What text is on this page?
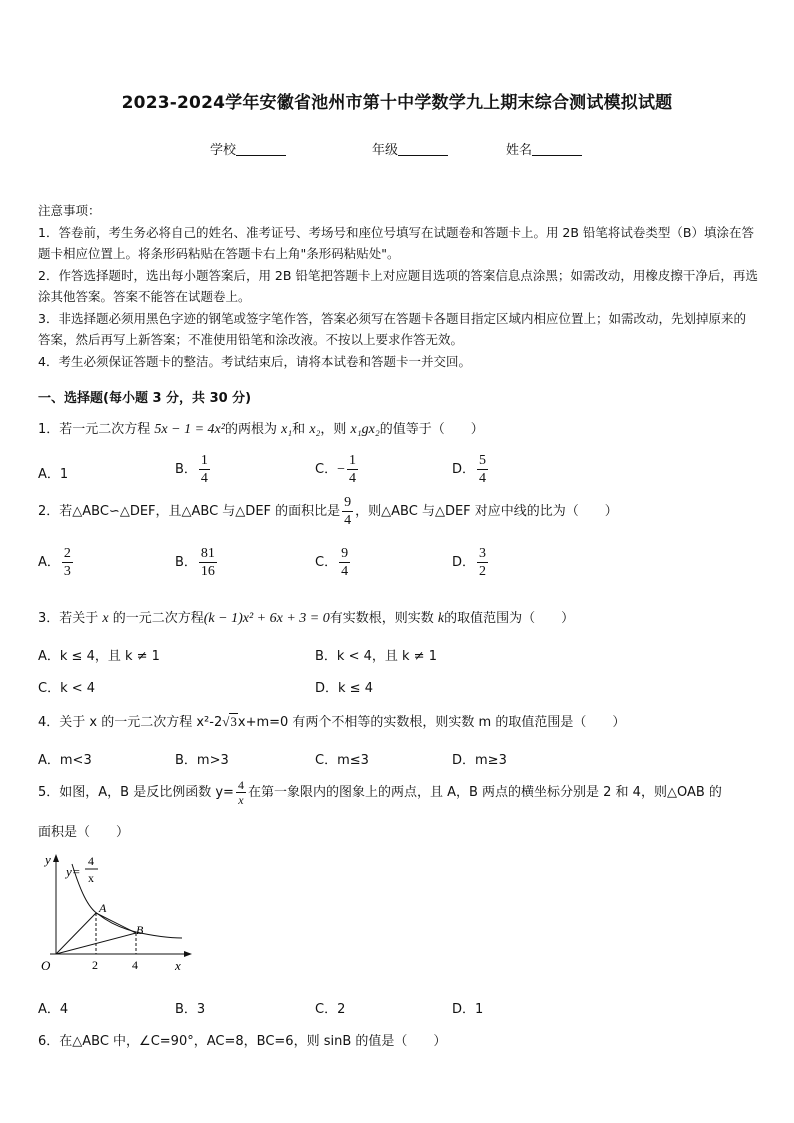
2023-2024学年安徽省池州市第十中学数学九上期末综合测试模拟试题
学校	年级	姓名
注意事项：
1．答卷前，考生务必将自己的姓名、准考证号、考场号和座位号填写在试题卷和答题卡上。用 2B 铅笔将试卷类型（B）填涂在答题卡相应位置上。将条形码粘贴在答题卡右上角"条形码粘贴处"。
2．作答选择题时，选出每小题答案后，用 2B 铅笔把答题卡上对应题目选项的答案信息点涂黑；如需改动，用橡皮擦干净后，再选涂其他答案。答案不能答在试题卷上。
3．非选择题必须用黑色字迹的钢笔或签字笔作答，答案必须写在答题卡各题目指定区域内相应位置上；如需改动，先划掉原来的答案，然后再写上新答案；不准使用铅笔和涂改液。不按以上要求作答无效。
4．考生必须保证答题卡的整洁。考试结束后，请将本试卷和答题卡一并交回。
一、选择题(每小题 3 分，共 30 分)
1．若一元二次方程 5x − 1 = 4x²的两根为 x₁和 x₂，则 x₁gx₂的值等于（　　）
A．1	B． $\frac{1}{4}$	C．− $\frac{1}{4}$	D． $\frac{5}{4}$
2．若△ABC∽△DEF，且△ABC 与△DEF 的面积比是 $\frac{9}{4}$ ，则△ABC 与△DEF 对应中线的比为（　　）
A． $\frac{2}{3}$	B． $\frac{81}{16}$	C． $\frac{9}{4}$	D． $\frac{3}{2}$
3．若关于 x 的一元二次方程(k − 1)x² + 6x + 3 = 0有实数根，则实数 k的取值范围为（　　）
A．k ≤ 4，且 k ≠ 1	B．k < 4，且 k ≠ 1
C．k < 4	D．k ≤ 4
4．关于 x 的一元二次方程 x²-2√3x+m=0 有两个不相等的实数根，则实数 m 的取值范围是（　　）
A．m<3	B．m>3	C．m≤3	D．m≥3
5．如图，A，B 是反比例函数 $y= \frac{4}{x}$ 在第一象限内的图象上的两点，且 A，B 两点的横坐标分别是 2 和 4，则△OAB 的
面积是（　　）
y
x
O
A
B
2	4
y=
4
x
A．4	B．3	C．2	D．1
6．在△ABC 中，∠C=90°，AC=8，BC=6，则 sinB 的值是（　　）
